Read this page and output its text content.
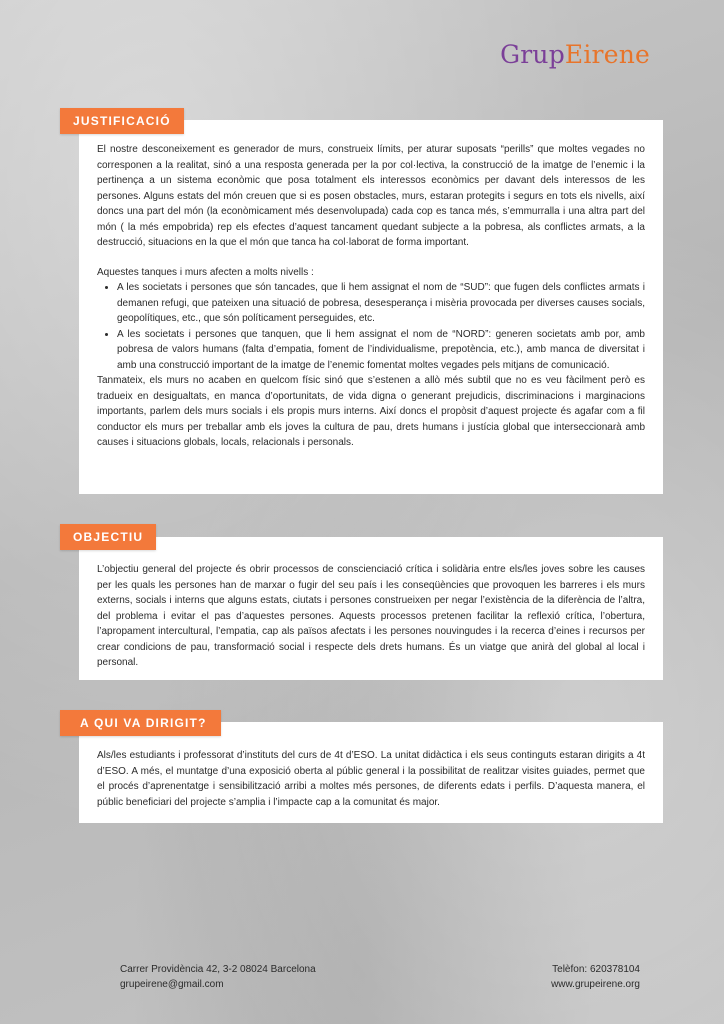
GrupEirene
JUSTIFICACIÓ

El nostre desconeixement es generador de murs, construeix límits, per aturar suposats “perills” que moltes vegades no corresponen a la realitat, sinó a una resposta generada per la por col·lectiva, la construcció de la imatge de l’enemic i la pertinença a un sistema econòmic que posa totalment els interessos econòmics per davant dels interessos de les persones. Alguns estats del món creuen que si es posen obstacles, murs, estaran protegits i segurs en tots els nivells, així doncs una part del món (la econòmicament més desenvolupada) cada cop es tanca més, s’emmurralla i una altra part del món ( la més empobrida) rep els efectes d’aquest tancament quedant subjecte a la pobresa, als conflictes armats, a la destrucció, situacions en la que el món que tanca ha col·laborat de forma important.

Aquestes tanques i murs afecten a molts nivells :

• A les societats i persones que són tancades, que li hem assignat el nom de “SUD”: que fugen dels conflictes armats i demanen refugi, que pateixen una situació de pobresa, desesperança i misèria provocada per diverses causes socials, geopolítiques, etc., que són políticament perseguides, etc.
• A les societats i persones que tanquen, que li hem assignat el nom de “NORD”: generen societats amb por, amb pobresa de valors humans (falta d’empatia, foment de l’individualisme, prepotència, etc.), amb manca de diversitat i amb una construcció important de la imatge de l’enemic fomentat moltes vegades pels mitjans de comunicació.

Tanmateix, els murs no acaben en quelcom físic sinó que s’estenen a allò més subtil que no es veu fàcilment però es tradueix en desigualtats, en manca d’oportunitats, de vida digna o generant prejudicis, discriminacions i marginacions importants, parlem dels murs socials i els propis murs interns. Així doncs el propòsit d’aquest projecte és agafar com a fil conductor els murs per treballar amb els joves la cultura de pau, drets humans i justícia global que interseccionarà amb causes i situacions globals, locals, relacionals i personals.

OBJECTIU

L’objectiu general del projecte és obrir processos de conscienciació crítica i solidària entre els/les joves sobre les causes per les quals les persones han de marxar o fugir del seu país i les conseqüències que provoquen les barreres i els murs externs, socials i interns que alguns estats, ciutats i persones construeixen per negar l’existència de la diferència de l’altra, del problema i evitar el pas d’aquestes persones. Aquests processos pretenen facilitar la reflexió crítica, l’obertura, l’apropament intercultural, l’empatia, cap als països afectats i les persones nouvingudes i la recerca d’eines i recursos per crear condicions de pau, transformació social i respecte dels drets humans. És un viatge que anirà del global al local i personal.

A QUI VA DIRIGIT?

Als/les estudiants i professorat d’instituts del curs de 4t d’ESO. La unitat didàctica i els seus continguts estaran dirigits a 4t d’ESO. A més, el muntatge d’una exposició oberta al públic general i la possibilitat de realitzar visites guiades, permet que el procés d’aprenentatge i sensibilització arribi a moltes més persones, de diferents edats i perfils. D’aquesta manera, el públic beneficiari del projecte s’amplia i l’impacte cap a la comunitat és major.

Carrer Providència 42, 3-2 08024 Barcelona
grupeirene@gmail.com
Telèfon: 620378104
www.grupeirene.org
